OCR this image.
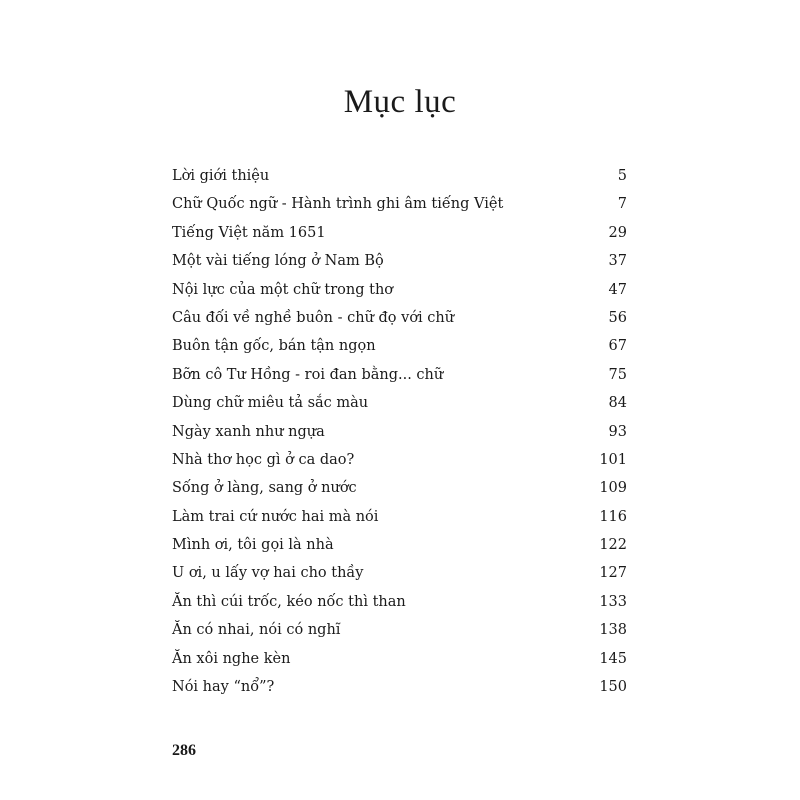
Mục lục
Lời giới thiệu	5
Chữ Quốc ngữ - Hành trình ghi âm tiếng Việt	7
Tiếng Việt năm 1651	29
Một vài tiếng lóng ở Nam Bộ	37
Nội lực của một chữ trong thơ	47
Câu đối về nghề buôn - chữ đọ với chữ	56
Buôn tận gốc, bán tận ngọn	67
Bỡn cô Tư Hồng - roi đan bằng... chữ	75
Dùng chữ miêu tả sắc màu	84
Ngày xanh như ngựa	93
Nhà thơ học gì ở ca dao?	101
Sống ở làng, sang ở nước	109
Làm trai cứ nước hai mà nói	116
Mình ơi, tôi gọi là nhà	122
U ơi, u lấy vợ hai cho thầy	127
Ăn thì cúi trốc, kéo nốc thì than	133
Ăn có nhai, nói có nghĩ	138
Ăn xôi nghe kèn	145
Nói hay “nổ”?	150
286
